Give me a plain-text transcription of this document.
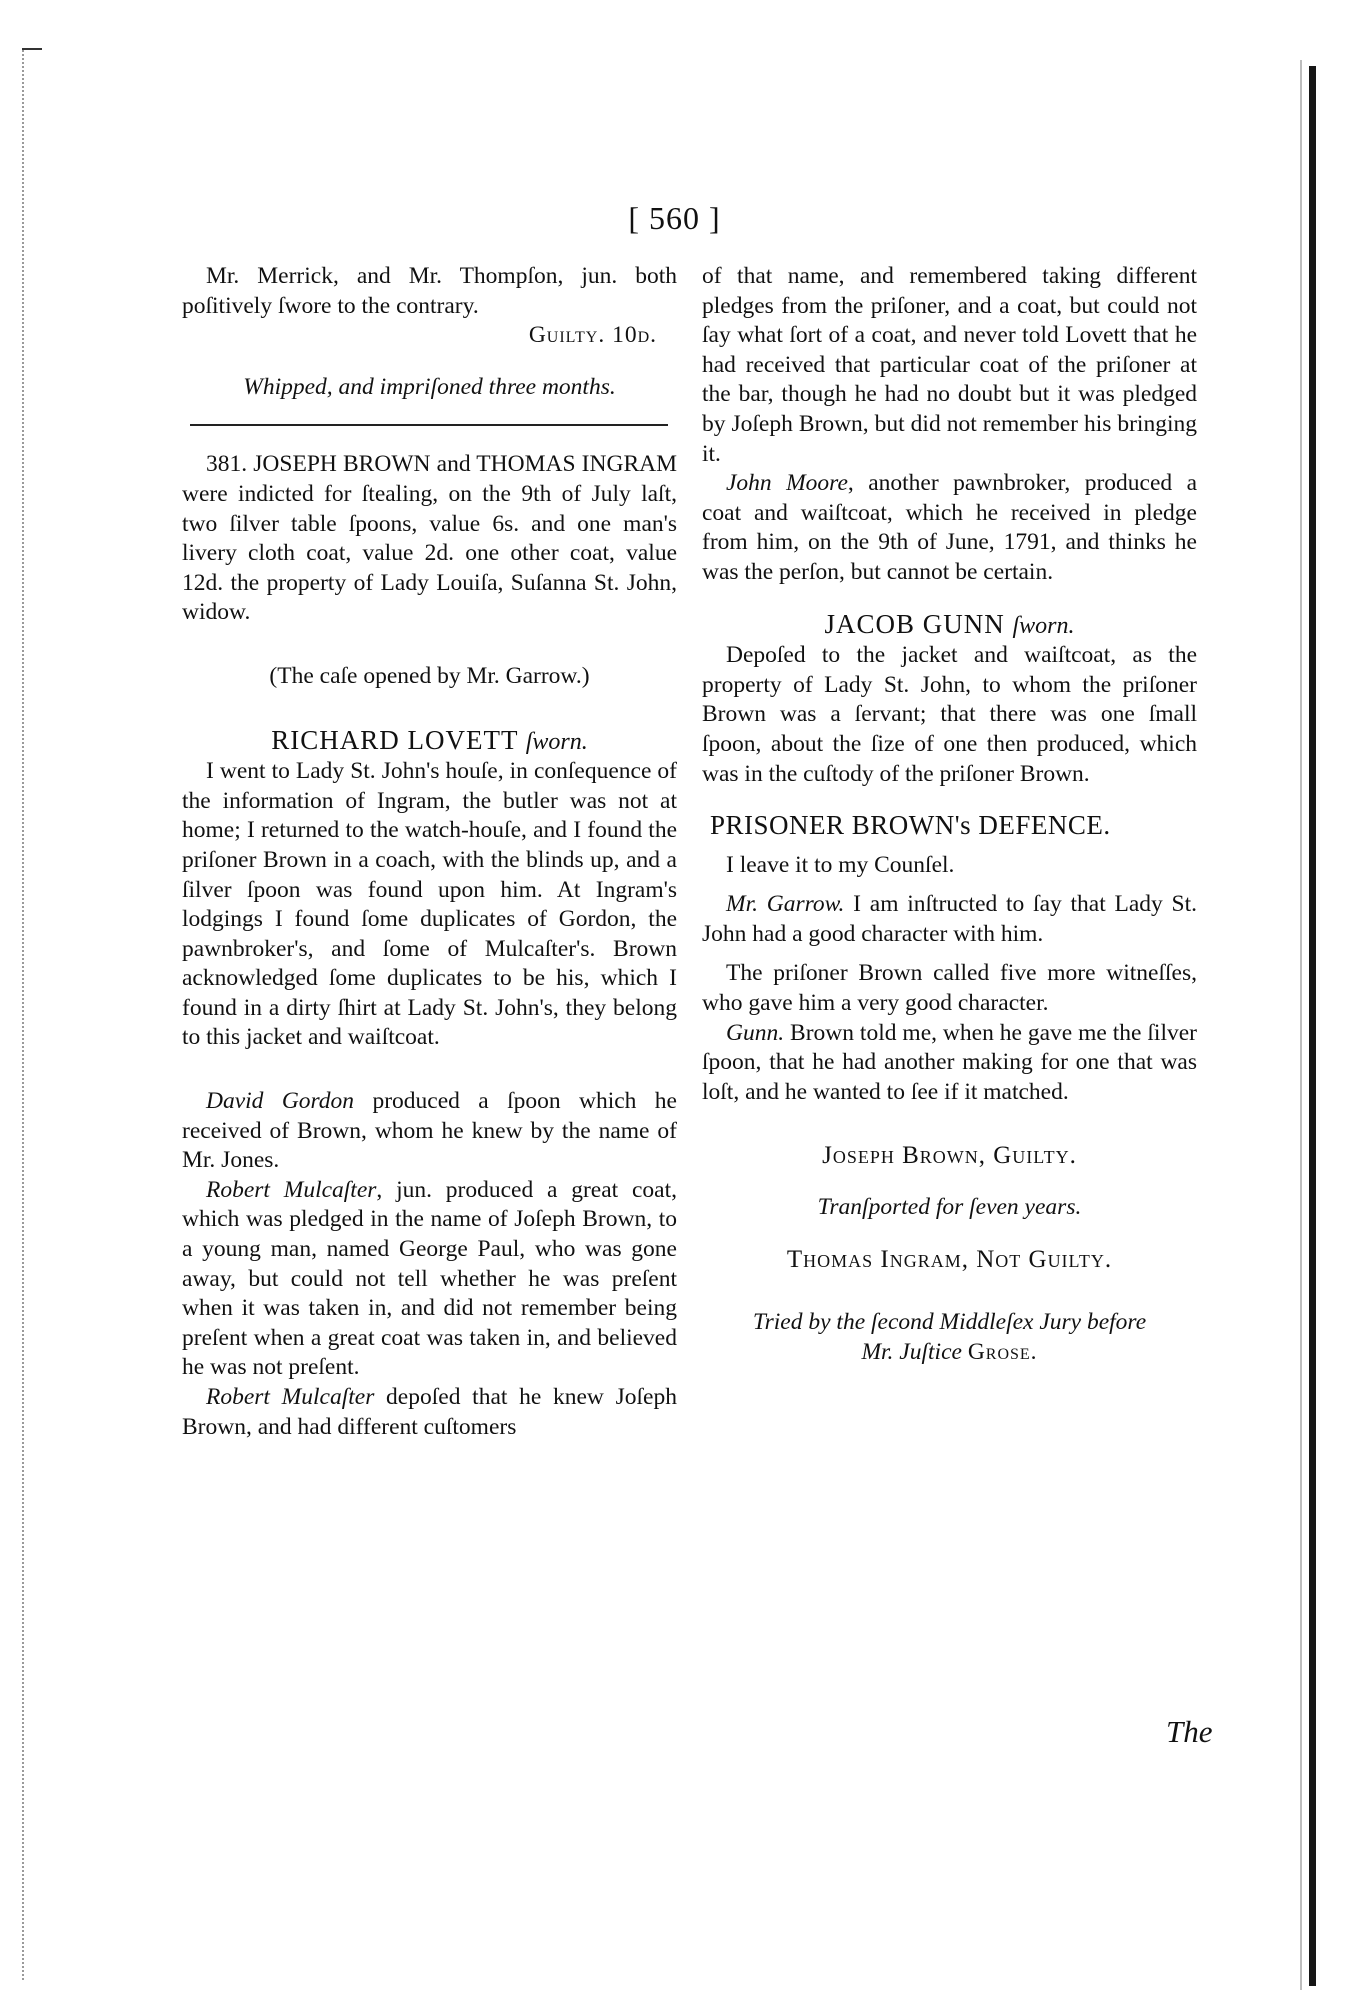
[ 560 ]

Mr. Merrick, and Mr. Thompſon, jun. both poſitively ſwore to the contrary.

Guilty. 10d.

Whipped, and impriſoned three months.

381. JOSEPH BROWN and THOMAS INGRAM were indicted for ſtealing, on the 9th of July laſt, two ſilver table ſpoons, value 6s. and one man's livery cloth coat, value 2d. one other coat, value 12d. the property of Lady Louiſa, Suſanna St. John, widow.

(The caſe opened by Mr. Garrow.)

RICHARD LOVETT ſworn.

I went to Lady St. John's houſe, in conſequence of the information of Ingram, the butler was not at home; I returned to the watch-houſe, and I found the priſoner Brown in a coach, with the blinds up, and a ſilver ſpoon was found upon him. At Ingram's lodgings I found ſome duplicates of Gordon, the pawnbroker's, and ſome of Mulcaſter's. Brown acknowledged ſome duplicates to be his, which I found in a dirty ſhirt at Lady St. John's, they belong to this jacket and waiſtcoat.

David Gordon produced a ſpoon which he received of Brown, whom he knew by the name of Mr. Jones.

Robert Mulcaſter, jun. produced a great coat, which was pledged in the name of Joſeph Brown, to a young man, named George Paul, who was gone away, but could not tell whether he was preſent when it was taken in, and did not remember being preſent when a great coat was taken in, and believed he was not preſent.

Robert Mulcaſter depoſed that he knew Joſeph Brown, and had different cuſtomers

of that name, and remembered taking different pledges from the priſoner, and a coat, but could not ſay what ſort of a coat, and never told Lovett that he had received that particular coat of the priſoner at the bar, though he had no doubt but it was pledged by Joſeph Brown, but did not remember his bringing it.

John Moore, another pawnbroker, produced a coat and waiſtcoat, which he received in pledge from him, on the 9th of June, 1791, and thinks he was the perſon, but cannot be certain.

JACOB GUNN ſworn.

Depoſed to the jacket and waiſtcoat, as the property of Lady St. John, to whom the priſoner Brown was a ſervant; that there was one ſmall ſpoon, about the ſize of one then produced, which was in the cuſtody of the priſoner Brown.

PRISONER BROWN's DEFENCE.

I leave it to my Counſel.

Mr. Garrow. I am inſtructed to ſay that Lady St. John had a good character with him.

The priſoner Brown called five more witneſſes, who gave him a very good character.

Gunn. Brown told me, when he gave me the ſilver ſpoon, that he had another making for one that was loſt, and he wanted to ſee if it matched.

Joseph Brown, Guilty.

Tranſported for ſeven years.

Thomas Ingram, Not Guilty.

Tried by the ſecond Middleſex Jury before

Mr. Juſtice Grose.

The
